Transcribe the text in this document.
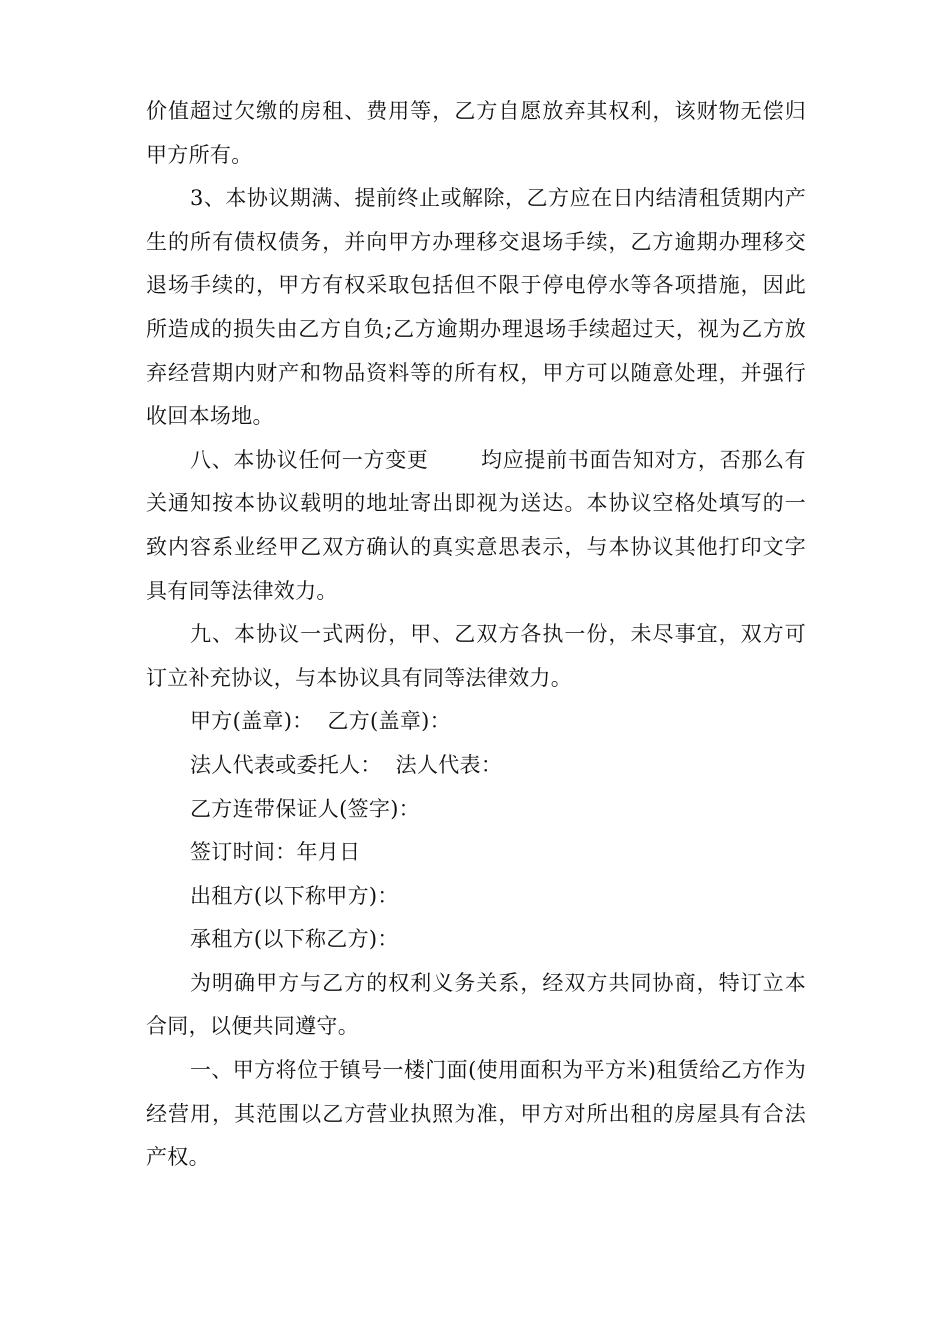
价值超过欠缴的房租、费用等，乙方自愿放弃其权利，该财物无偿归甲方所有。

3、本协议期满、提前终止或解除，乙方应在日内结清租赁期内产生的所有债权债务，并向甲方办理移交退场手续，乙方逾期办理移交退场手续的，甲方有权采取包括但不限于停电停水等各项措施，因此所造成的损失由乙方自负;乙方逾期办理退场手续超过天，视为乙方放弃经营期内财产和物品资料等的所有权，甲方可以随意处理，并强行收回本场地。

八、本协议任何一方变更 均应提前书面告知对方，否那么有关通知按本协议载明的地址寄出即视为送达。本协议空格处填写的一致内容系业经甲乙双方确认的真实意思表示，与本协议其他打印文字具有同等法律效力。

九、本协议一式两份，甲、乙双方各执一份，未尽事宜，双方可订立补充协议，与本协议具有同等法律效力。

甲方(盖章)：  乙方(盖章)：

法人代表或委托人：  法人代表：

乙方连带保证人(签字)：

签订时间：年月日

出租方(以下称甲方)：

承租方(以下称乙方)：

为明确甲方与乙方的权利义务关系，经双方共同协商，特订立本合同，以便共同遵守。

一、甲方将位于镇号一楼门面(使用面积为平方米)租赁给乙方作为经营用，其范围以乙方营业执照为准，甲方对所出租的房屋具有合法产权。
